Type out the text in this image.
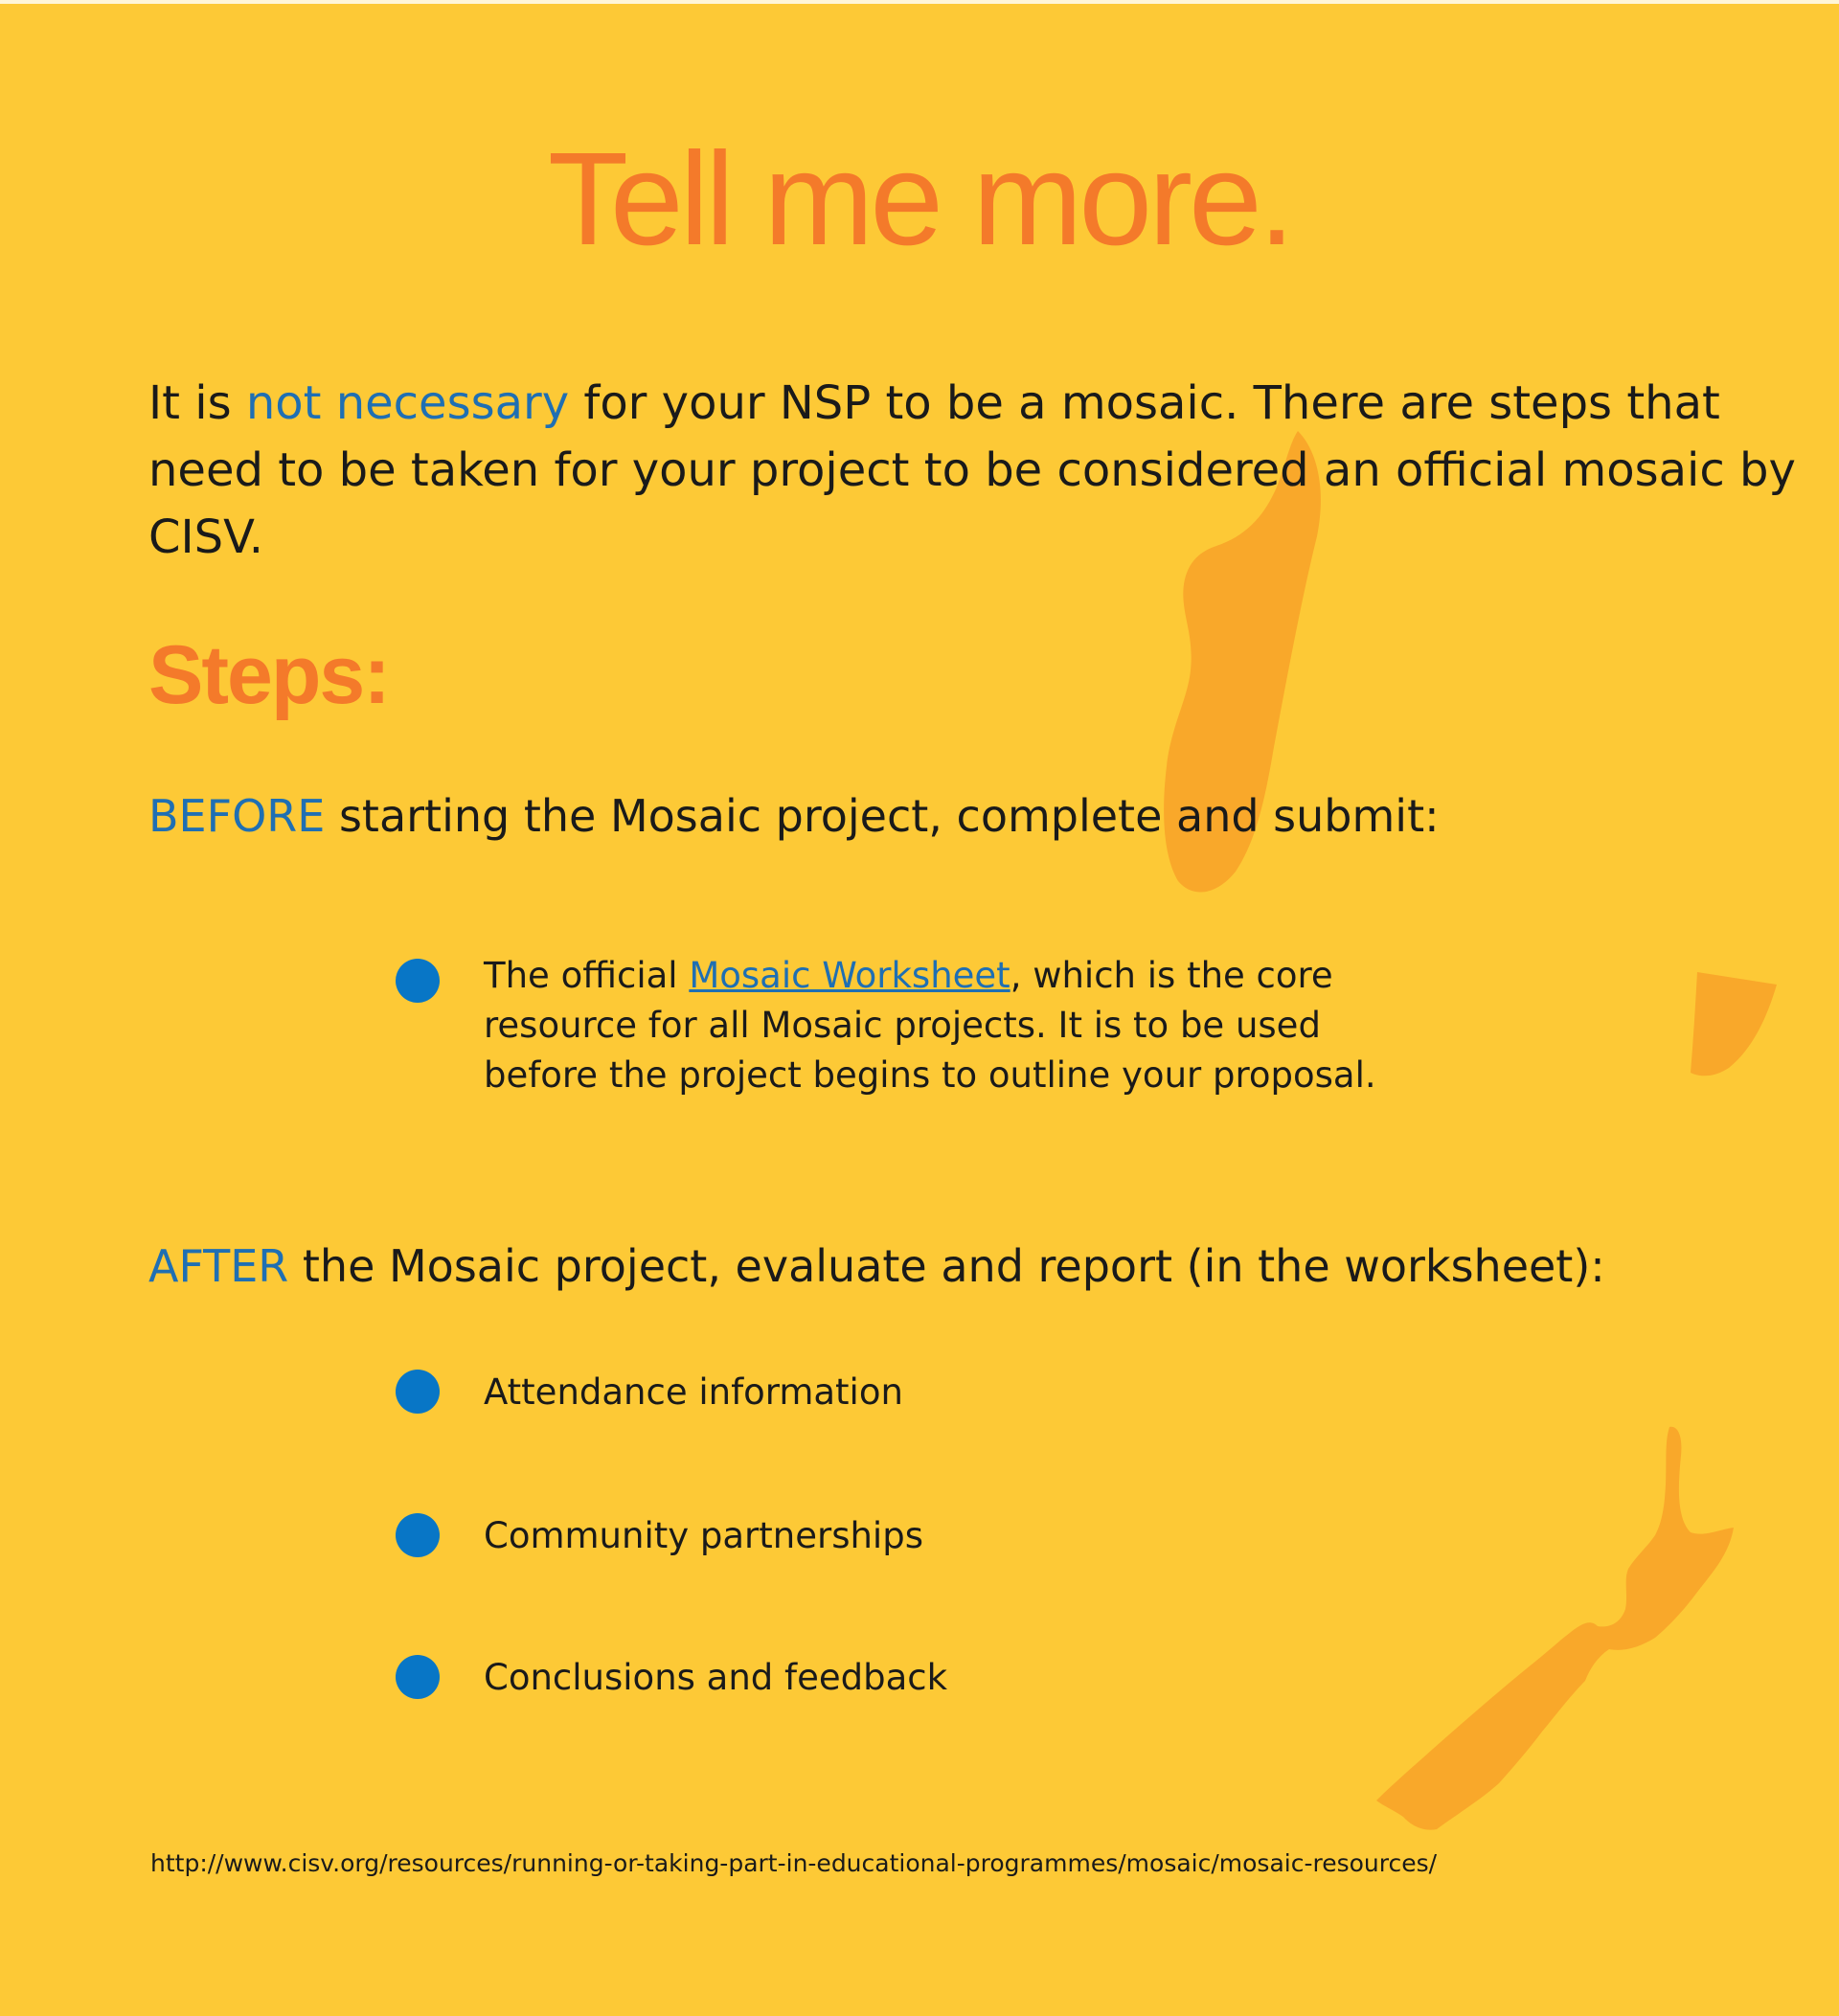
Tell me more.

It is not necessary for your NSP to be a mosaic. There are steps that need to be taken for your project to be considered an official mosaic by CISV.

Steps:
BEFORE starting the Mosaic project, complete and submit:
The official Mosaic Worksheet, which is the core resource for all Mosaic projects. It is to be used before the project begins to outline your proposal.
AFTER the Mosaic project, evaluate and report (in the worksheet):
Attendance information
Community partnerships
Conclusions and feedback
http://www.cisv.org/resources/running-or-taking-part-in-educational-programmes/mosaic/mosaic-resources/
